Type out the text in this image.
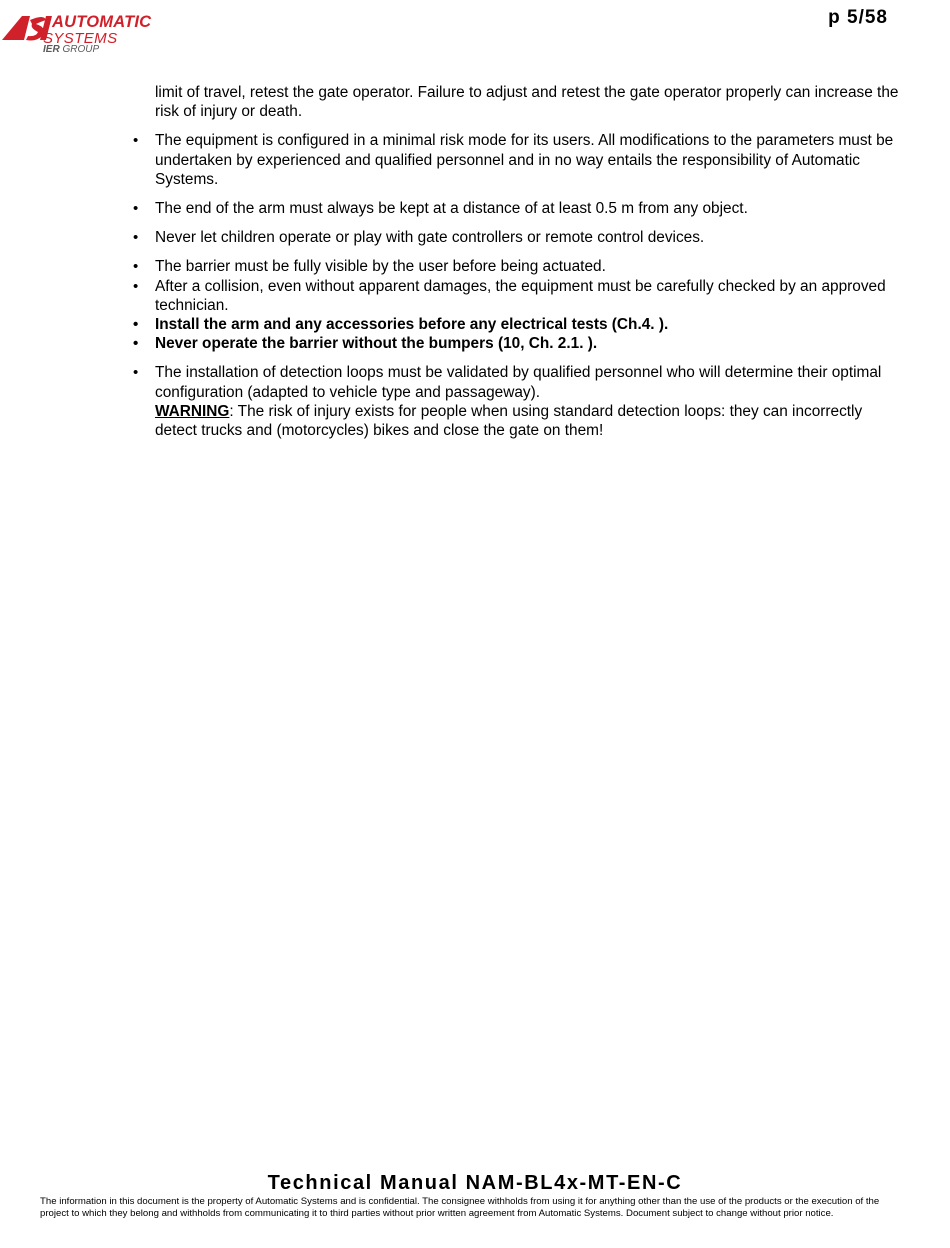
AUTOMATIC
SYSTEMS
IER GROUP
p 5/58
limit of travel, retest the gate operator. Failure to adjust and retest the gate operator properly can increase the risk of injury or death.
• The equipment is configured in a minimal risk mode for its users. All modifications to the parameters must be undertaken by experienced and qualified personnel and in no way entails the responsibility of Automatic Systems.
• The end of the arm must always be kept at a distance of at least 0.5 m from any object.
• Never let children operate or play with gate controllers or remote control devices.
• The barrier must be fully visible by the user before being actuated.
• After a collision, even without apparent damages, the equipment must be carefully checked by an approved technician.
• Install the arm and any accessories before any electrical tests (Ch.4. ).
• Never operate the barrier without the bumpers (10, Ch. 2.1. ).
• The installation of detection loops must be validated by qualified personnel who will determine their optimal configuration (adapted to vehicle type and passageway).
WARNING: The risk of injury exists for people when using standard detection loops: they can incorrectly detect trucks and (motorcycles) bikes and close the gate on them!
Technical Manual NAM-BL4x-MT-EN-C
The information in this document is the property of Automatic Systems and is confidential. The consignee withholds from using it for anything other than the use of the products or the execution of the project to which they belong and withholds from communicating it to third parties without prior written agreement from Automatic Systems. Document subject to change without prior notice.
